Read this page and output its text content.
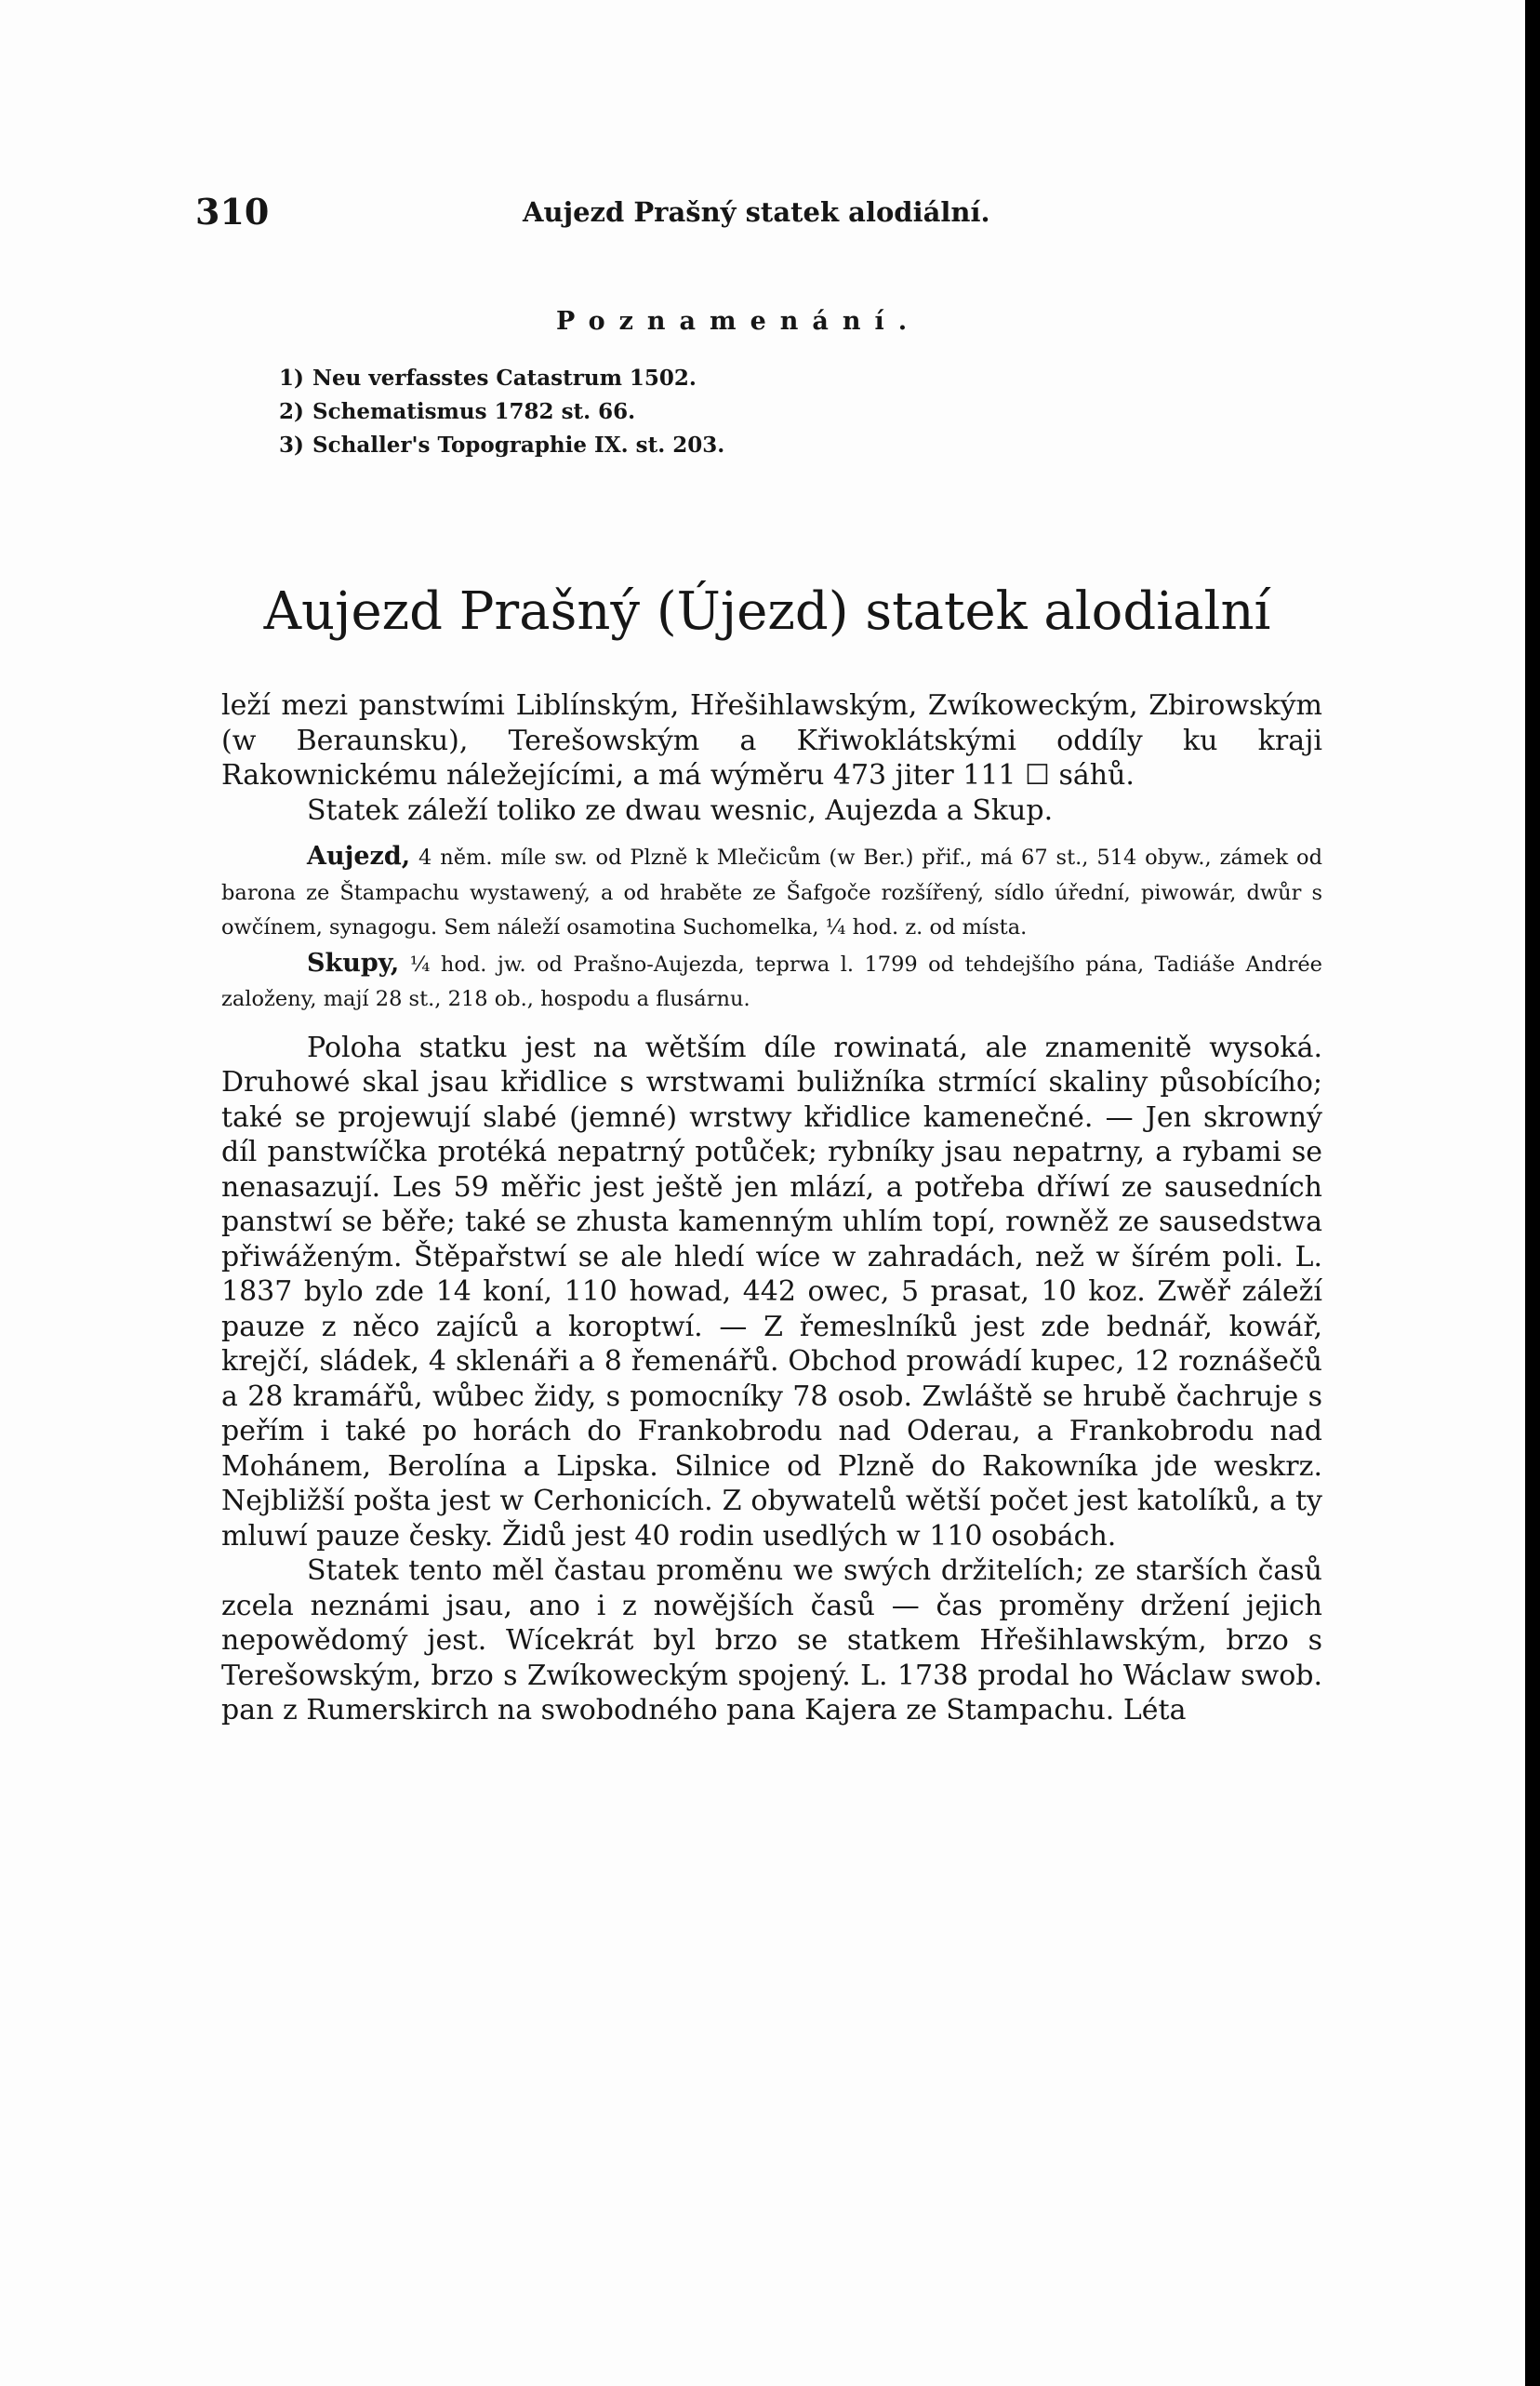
310	Aujezd Prašný statek alodiální.
Poznamenání.
1) Neu verfasstes Catastrum 1502.
2) Schematismus 1782 st. 66.
3) Schaller's Topographie IX. st. 203.
Aujezd Prašný (Újezd) statek alodialní

leží mezi panstwími Liblínským, Hřešihlawským, Zwíkoweckým, Zbirowským (w Beraunsku), Terešowským a Křiwoklátskými oddíly ku kraji Rakownickému náležejícími, a má wýměru 473 jiter 111 ☐ sáhů.

Statek záleží toliko ze dwau wesnic, Aujezda a Skup.

Aujezd, 4 něm. míle sw. od Plzně k Mlečicům (w Ber.) přif., má 67 st., 514 obyw., zámek od barona ze Štampachu wystawený, a od hraběte ze Šafgoče rozšířený, sídlo úřední, piwowár, dwůr s owčínem, synagogu. Sem náleží osamotina Suchomelka, ¼ hod. z. od místa.

Skupy, ¼ hod. jw. od Prašno-Aujezda, teprwa l. 1799 od tehdejšího pána, Tadiáše Andrée založeny, mají 28 st., 218 ob., hospodu a flusárnu.

Poloha statku jest na wětším díle rowinatá, ale znamenitě wysoká. Druhowé skal jsau křidlice s wrstwami buližníka strmící skaliny působícího; také se projewují slabé (jemné) wrstwy křidlice kamenečné. — Jen skrowný díl panstwíčka protéká nepatrný potůček; rybníky jsau nepatrny, a rybami se nenasazují. Les 59 měřic jest ještě jen mlází, a potřeba dříwí ze sausedních panstwí se běře; také se zhusta kamenným uhlím topí, rowněž ze sausedstwa přiwáženým. Štěpařstwí se ale hledí wíce w zahradách, než w šírém poli. L. 1837 bylo zde 14 koní, 110 howad, 442 owec, 5 prasat, 10 koz. Zwěř záleží pauze z něco zajíců a koroptwí. — Z řemeslníků jest zde bednář, kowář, krejčí, sládek, 4 sklenáři a 8 řemenářů. Obchod prowádí kupec, 12 roznášečů a 28 kramářů, wůbec židy, s pomocníky 78 osob. Zwláště se hrubě čachruje s peřím i také po horách do Frankobrodu nad Oderau, a Frankobrodu nad Mohánem, Berolína a Lipska. Silnice od Plzně do Rakowníka jde weskrz. Nejbližší pošta jest w Cerhonicích. Z obywatelů wětší počet jest katolíků, a ty mluwí pauze česky. Židů jest 40 rodin usedlých w 110 osobách.

Statek tento měl častau proměnu we swých držitelích; ze starších časů zcela neznámi jsau, ano i z nowějších časů — čas proměny držení jejich nepowědomý jest. Wícekrát byl brzo se statkem Hřešihlawským, brzo s Terešowským, brzo s Zwíkoweckým spojený. L. 1738 prodal ho Wáclaw swob. pan z Rumerskirch na swobodného pana Kajera ze Stampachu. Léta
